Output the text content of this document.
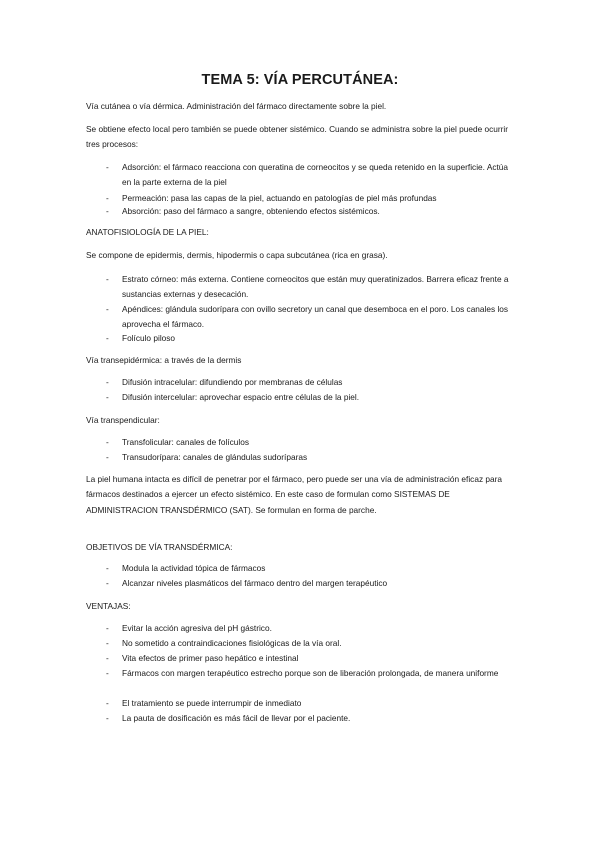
TEMA 5: VÍA PERCUTÁNEA:
Vía cutánea o vía dérmica. Administración del fármaco directamente sobre la piel.
Se obtiene efecto local pero también se puede obtener sistémico. Cuando se administra sobre la piel puede ocurrir tres procesos:
-	Adsorción: el fármaco reacciona con queratina de corneocitos y se queda retenido en la superficie. Actúa en la parte externa de la piel
-	Permeación: pasa las capas de la piel, actuando en patologías de piel más profundas
-	Absorción: paso del fármaco a sangre, obteniendo efectos sistémicos.
ANATOFISIOLOGÍA DE LA PIEL:
Se compone de epidermis, dermis, hipodermis o capa subcutánea (rica en grasa).
-	Estrato córneo: más externa. Contiene corneocitos que están muy queratinizados. Barrera eficaz frente a sustancias externas y desecación.
-	Apéndices: glándula sudorípara con ovillo secretory un canal que desemboca en el poro. Los canales los aprovecha el fármaco.
-	Folículo piloso
Vía transepidérmica: a través de la dermis
-	Difusión intracelular: difundiendo por membranas de células
-	Difusión intercelular: aprovechar espacio entre células de la piel.
Vía transpendicular:
-	Transfolicular: canales de folículos
-	Transudorípara: canales de glándulas sudoríparas
La piel humana intacta es difícil de penetrar por el fármaco, pero puede ser una vía de administración eficaz para fármacos destinados a ejercer un efecto sistémico. En este caso de formulan como SISTEMAS DE ADMINISTRACION TRANSDÉRMICO (SAT). Se formulan en forma de parche.
OBJETIVOS DE VÍA TRANSDÉRMICA:
-	Modula la actividad tópica de fármacos
-	Alcanzar niveles plasmáticos del fármaco dentro del margen terapéutico
VENTAJAS:
-	Evitar la acción agresiva del pH gástrico.
-	No sometido a contraindicaciones fisiológicas de la vía oral.
-	Vita efectos de primer paso hepático e intestinal
-	Fármacos con margen terapéutico estrecho porque son de liberación prolongada, de manera uniforme
-	El tratamiento se puede interrumpir de inmediato
-	La pauta de dosificación es más fácil de llevar por el paciente.
